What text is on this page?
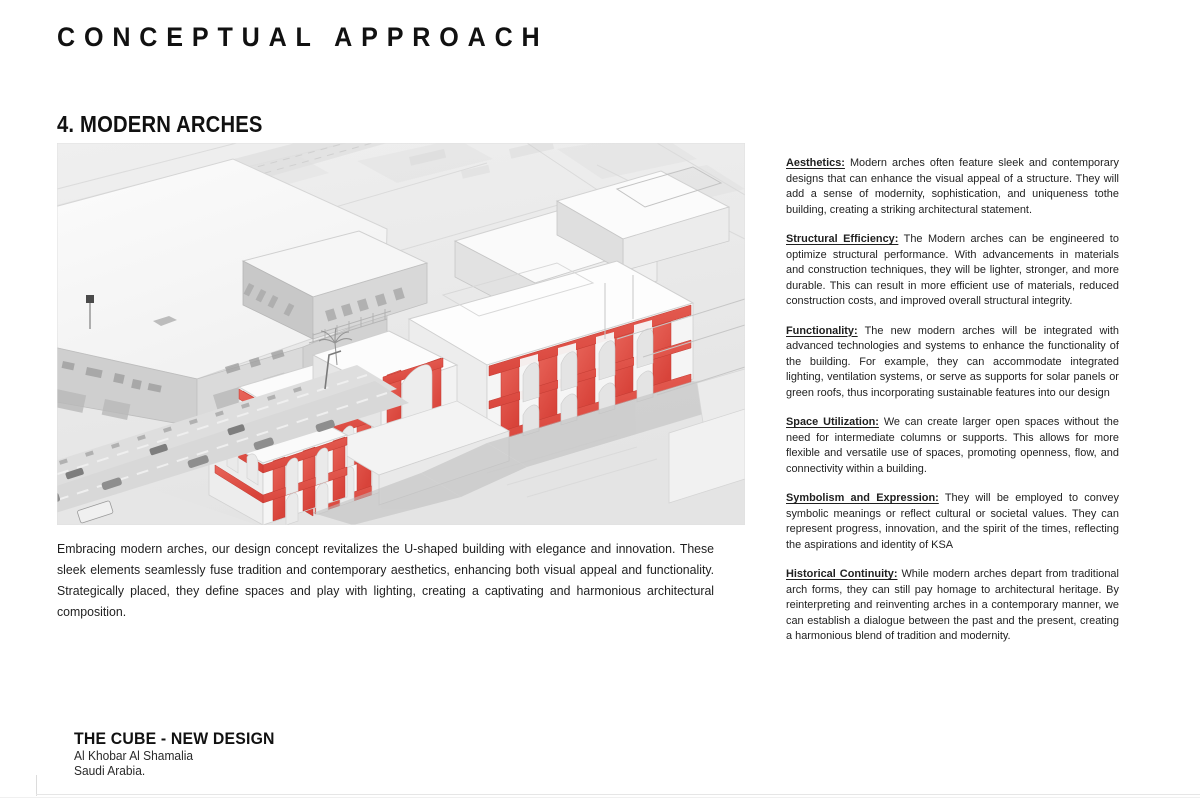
CONCEPTUAL APPROACH
4. MODERN ARCHES
Embracing modern arches, our design concept revitalizes the U-shaped building with elegance and innovation. These sleek elements seamlessly fuse tradition and contemporary aesthetics, enhancing both visual appeal and functionality. Strategically placed, they define spaces and play with lighting, creating a captivating and harmonious architectural composition.

Aesthetics: Modern arches often feature sleek and contemporary designs that can enhance the visual appeal of a structure. They will add a sense of modernity, sophistication, and uniqueness tothe building, creating a striking architectural statement.

Structural Efficiency: The Modern arches can be engineered to optimize structural performance. With advancements in materials and construction techniques, they will be lighter, stronger, and more durable. This can result in more efficient use of materials, reduced construction costs, and improved overall structural integrity.

Functionality: The new modern arches will be integrated with advanced technologies and systems to enhance the functionality of the building. For example, they can accommodate integrated lighting, ventilation systems, or serve as supports for solar panels or green roofs, thus incorporating sustainable features into our design

Space Utilization: We can create larger open spaces without the need for intermediate columns or supports. This allows for more flexible and versatile use of spaces, promoting openness, flow, and connectivity within a building.

Symbolism and Expression: They will be employed to convey symbolic meanings or reflect cultural or societal values. They can represent progress, innovation, and the spirit of the times, reflecting the aspirations and identity of KSA

Historical Continuity: While modern arches depart from traditional arch forms, they can still pay homage to architectural heritage. By reinterpreting and reinventing arches in a contemporary manner, we can establish a dialogue between the past and the present, creating a harmonious blend of tradition and modernity.

THE CUBE - NEW DESIGN
Al Khobar Al Shamalia
Saudi Arabia.
